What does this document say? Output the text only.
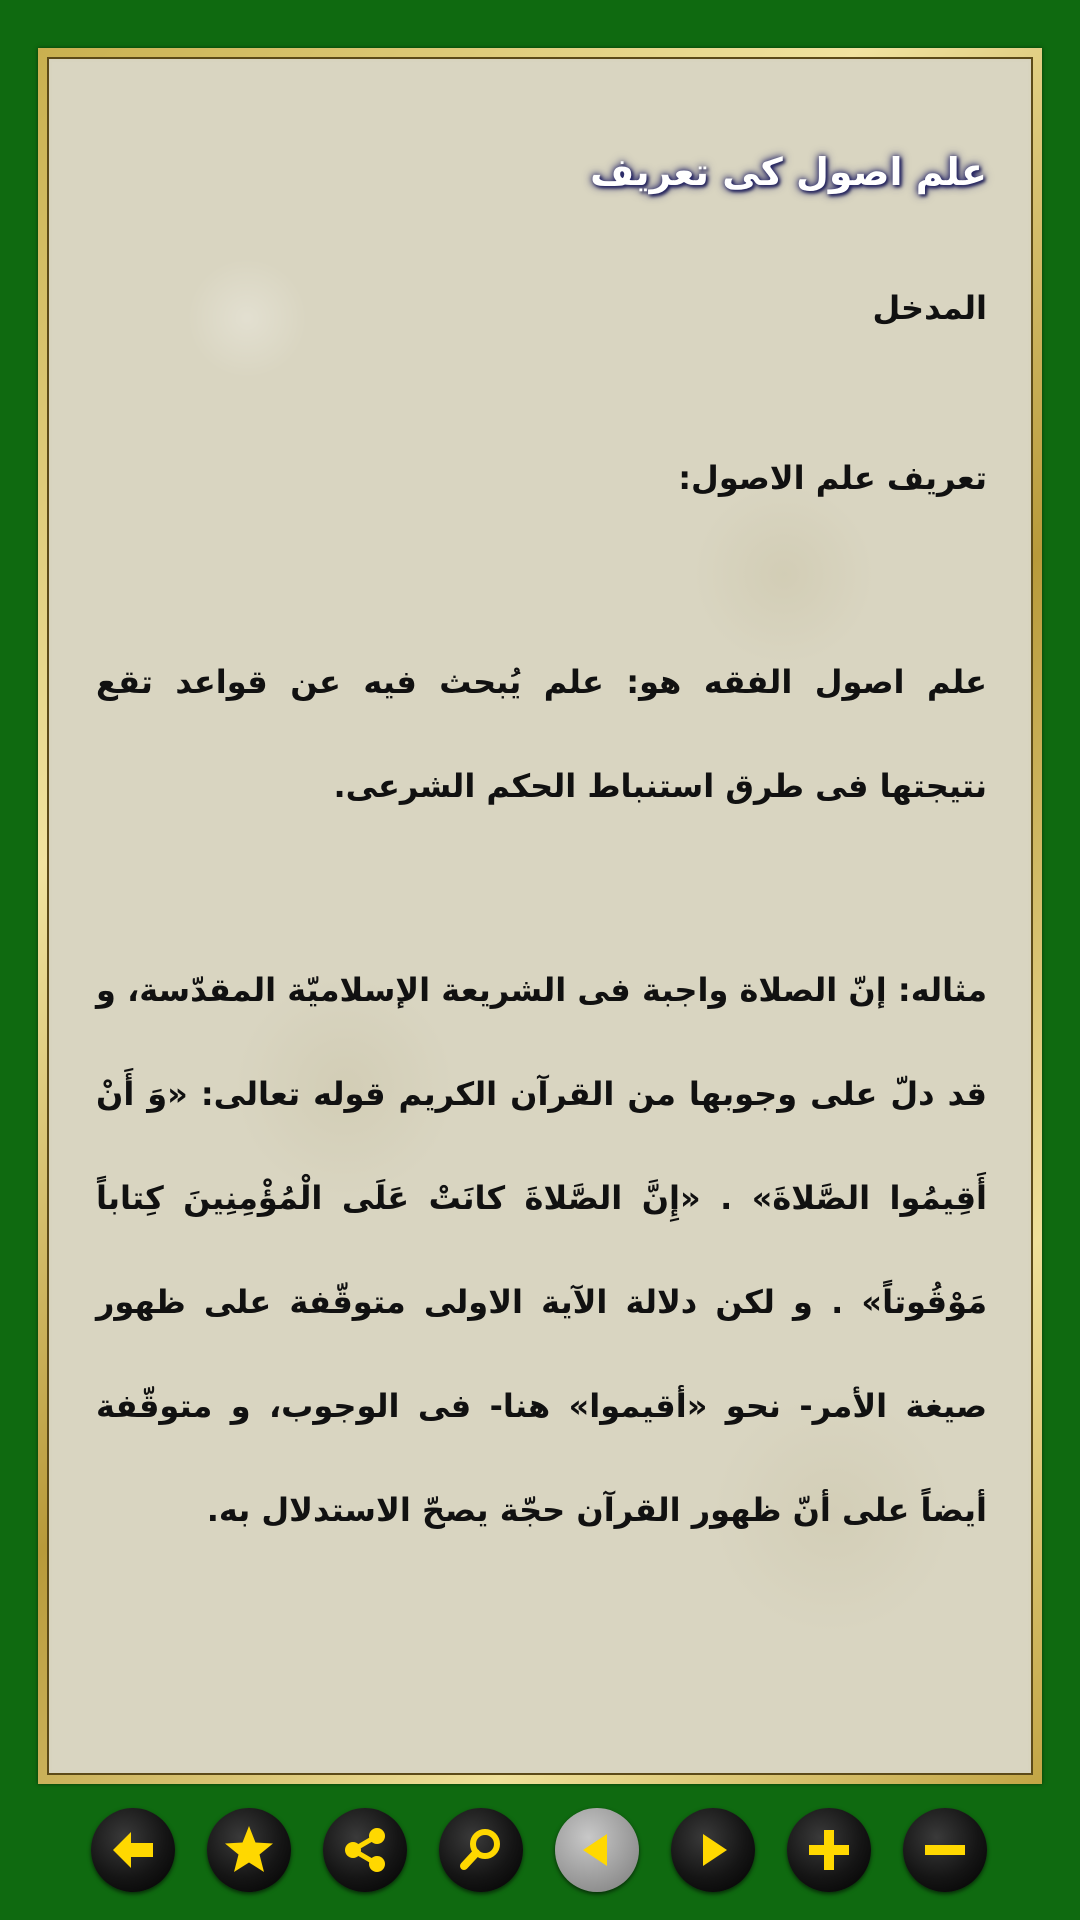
علم اصول کی تعریف

المدخل

تعريف علم الاصول:

علم اصول الفقه هو: علم يُبحث فيه عن قواعد تقع نتيجتها فى طرق استنباط الحكم الشرعى.

مثاله: إنّ الصلاة واجبة فى الشريعة الإسلاميّة المقدّسة، و قد دلّ على وجوبها من القرآن الكريم قوله تعالى: «وَ أَنْ أَقِيمُوا الصَّلاةَ» . «إِنَّ الصَّلاةَ كانَتْ عَلَى الْمُؤْمِنِينَ كِتاباً مَوْقُوتاً» . و لكن دلالة الآية الاولى متوقّفة على ظهور صيغة الأمر- نحو «أقيموا» هنا- فى الوجوب، و متوقّفة أيضاً على أنّ ظهور القرآن حجّة يصحّ الاستدلال به.
